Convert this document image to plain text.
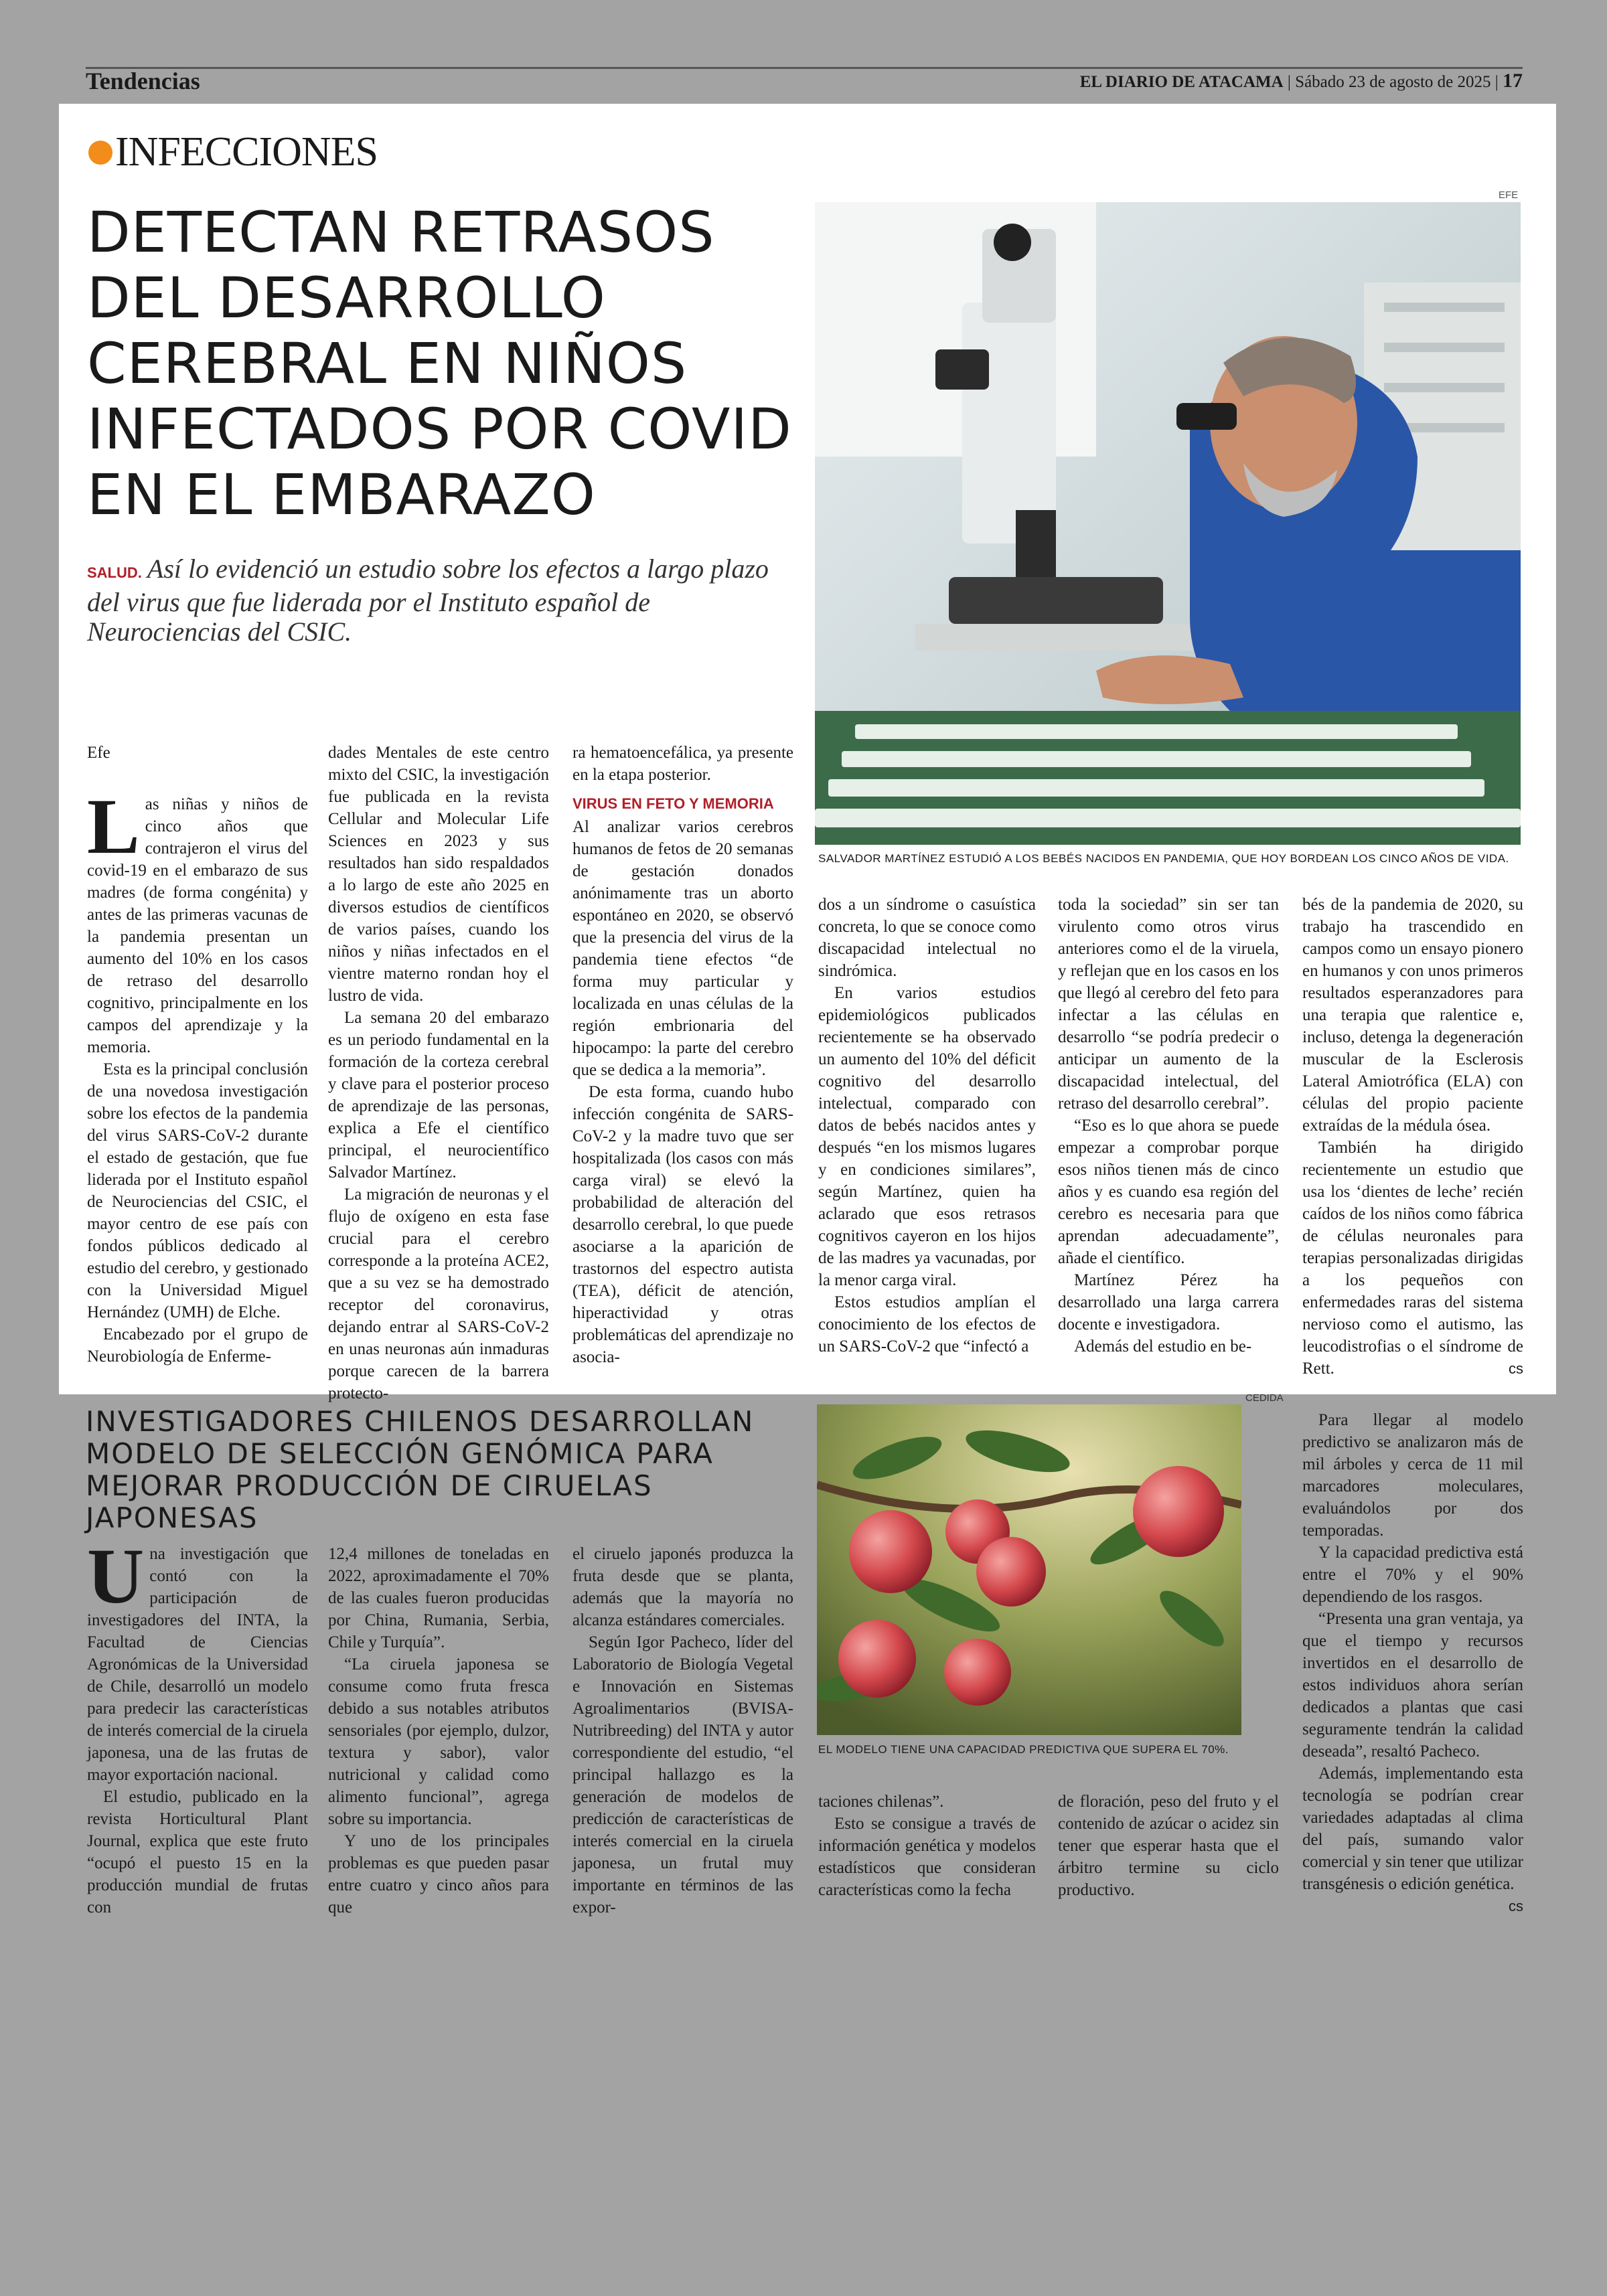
Tendencias	EL DIARIO DE ATACAMA | Sábado 23 de agosto de 2025 | 17
INFECCIONES
DETECTAN RETRASOS DEL DESARROLLO CEREBRAL EN NIÑOS INFECTADOS POR COVID EN EL EMBARAZO
SALUD. Así lo evidenció un estudio sobre los efectos a largo plazo del virus que fue liderada por el Instituto español de Neurociencias del CSIC.
EFE
SALVADOR MARTÍNEZ ESTUDIÓ A LOS BEBÉS NACIDOS EN PANDEMIA, QUE HOY BORDEAN LOS CINCO AÑOS DE VIDA.

Efe

Las niñas y niños de cinco años que contrajeron el virus del covid-19 en el embarazo de sus madres (de forma congénita) y antes de las primeras vacunas de la pandemia presentan un aumento del 10% en los casos de retraso del desarrollo cognitivo, principalmente en los campos del aprendizaje y la memoria.

Esta es la principal conclusión de una novedosa investigación sobre los efectos de la pandemia del virus SARS-CoV-2 durante el estado de gestación, que fue liderada por el Instituto español de Neurociencias del CSIC, el mayor centro de ese país con fondos públicos dedicado al estudio del cerebro, y gestionado con la Universidad Miguel Hernández (UMH) de Elche.

Encabezado por el grupo de Neurobiología de Enferme-

dades Mentales de este centro mixto del CSIC, la investigación fue publicada en la revista Cellular and Molecular Life Sciences en 2023 y sus resultados han sido respaldados a lo largo de este año 2025 en diversos estudios de científicos de varios países, cuando los niños y niñas infectados en el vientre materno rondan hoy el lustro de vida.

La semana 20 del embarazo es un periodo fundamental en la formación de la corteza cerebral y clave para el posterior proceso de aprendizaje de las personas, explica a Efe el científico principal, el neurocientífico Salvador Martínez.

La migración de neuronas y el flujo de oxígeno en esta fase crucial para el cerebro corresponde a la proteína ACE2, que a su vez se ha demostrado receptor del coronavirus, dejando entrar al SARS-CoV-2 en unas neuronas aún inmaduras porque carecen de la barrera protecto-

ra hematoencefálica, ya presente en la etapa posterior.

VIRUS EN FETO Y MEMORIA

Al analizar varios cerebros humanos de fetos de 20 semanas de gestación donados anónimamente tras un aborto espontáneo en 2020, se observó que la presencia del virus de la pandemia tiene efectos “de forma muy particular y localizada en unas células de la región embrionaria del hipocampo: la parte del cerebro que se dedica a la memoria”.

De esta forma, cuando hubo infección congénita de SARS-CoV-2 y la madre tuvo que ser hospitalizada (los casos con más carga viral) se elevó la probabilidad de alteración del desarrollo cerebral, lo que puede asociarse a la aparición de trastornos del espectro autista (TEA), déficit de atención, hiperactividad y otras problemáticas del aprendizaje no asocia-

dos a un síndrome o casuística concreta, lo que se conoce como discapacidad intelectual no sindrómica.

En varios estudios epidemiológicos publicados recientemente se ha observado un aumento del 10% del déficit cognitivo del desarrollo intelectual, comparado con datos de bebés nacidos antes y después “en los mismos lugares y en condiciones similares”, según Martínez, quien ha aclarado que esos retrasos cognitivos cayeron en los hijos de las madres ya vacunadas, por la menor carga viral.

Estos estudios amplían el conocimiento de los efectos de un SARS-CoV-2 que “infectó a

toda la sociedad” sin ser tan virulento como otros virus anteriores como el de la viruela, y reflejan que en los casos en los que llegó al cerebro del feto para infectar a las células en desarrollo “se podría predecir o anticipar un aumento de la discapacidad intelectual, del retraso del desarrollo cerebral”.

“Eso es lo que ahora se puede empezar a comprobar porque esos niños tienen más de cinco años y es cuando esa región del cerebro es necesaria para que aprendan adecuadamente”, añade el científico.

Martínez Pérez ha desarrollado una larga carrera docente e investigadora.

Además del estudio en be-

bés de la pandemia de 2020, su trabajo ha trascendido en campos como un ensayo pionero en humanos y con unos primeros resultados esperanzadores para una terapia que ralentice e, incluso, detenga la degeneración muscular de la Esclerosis Lateral Amiotrófica (ELA) con células del propio paciente extraídas de la médula ósea.

También ha dirigido recientemente un estudio que usa los ‘dientes de leche’ recién caídos de los niños como fábrica de células neuronales para terapias personalizadas dirigidas a los pequeños con enfermedades raras del sistema nervioso como el autismo, las leucodistrofias o el síndrome de Rett.	cs

INVESTIGADORES CHILENOS DESARROLLAN MODELO DE SELECCIÓN GENÓMICA PARA MEJORAR PRODUCCIÓN DE CIRUELAS JAPONESAS
CEDIDA
EL MODELO TIENE UNA CAPACIDAD PREDICTIVA QUE SUPERA EL 70%.

Una investigación que contó con la participación de investigadores del INTA, la Facultad de Ciencias Agronómicas de la Universidad de Chile, desarrolló un modelo para predecir las características de interés comercial de la ciruela japonesa, una de las frutas de mayor exportación nacional.

El estudio, publicado en la revista Horticultural Plant Journal, explica que este fruto “ocupó el puesto 15 en la producción mundial de frutas con

12,4 millones de toneladas en 2022, aproximadamente el 70% de las cuales fueron producidas por China, Rumania, Serbia, Chile y Turquía”.

“La ciruela japonesa se consume como fruta fresca debido a sus notables atributos sensoriales (por ejemplo, dulzor, textura y sabor), valor nutricional y calidad como alimento funcional”, agrega sobre su importancia.

Y uno de los principales problemas es que pueden pasar entre cuatro y cinco años para que

el ciruelo japonés produzca la fruta desde que se planta, además que la mayoría no alcanza estándares comerciales.

Según Igor Pacheco, líder del Laboratorio de Biología Vegetal e Innovación en Sistemas Agroalimentarios (BVISA-Nutribreeding) del INTA y autor correspondiente del estudio, “el principal hallazgo es la generación de modelos de predicción de características de interés comercial en la ciruela japonesa, un frutal muy importante en términos de las expor-

taciones chilenas”.

Esto se consigue a través de información genética y modelos estadísticos que consideran características como la fecha

de floración, peso del fruto y el contenido de azúcar o acidez sin tener que esperar hasta que el árbitro termine su ciclo productivo.

Para llegar al modelo predictivo se analizaron más de mil árboles y cerca de 11 mil marcadores moleculares, evaluándolos por dos temporadas.

Y la capacidad predictiva está entre el 70% y el 90% dependiendo de los rasgos.

“Presenta una gran ventaja, ya que el tiempo y recursos invertidos en el desarrollo de estos individuos ahora serían dedicados a plantas que casi seguramente tendrán la calidad deseada”, resaltó Pacheco.

Además, implementando esta tecnología se podrían crear variedades adaptadas al clima del país, sumando valor comercial y sin tener que utilizar transgénesis o edición genética.
cs
